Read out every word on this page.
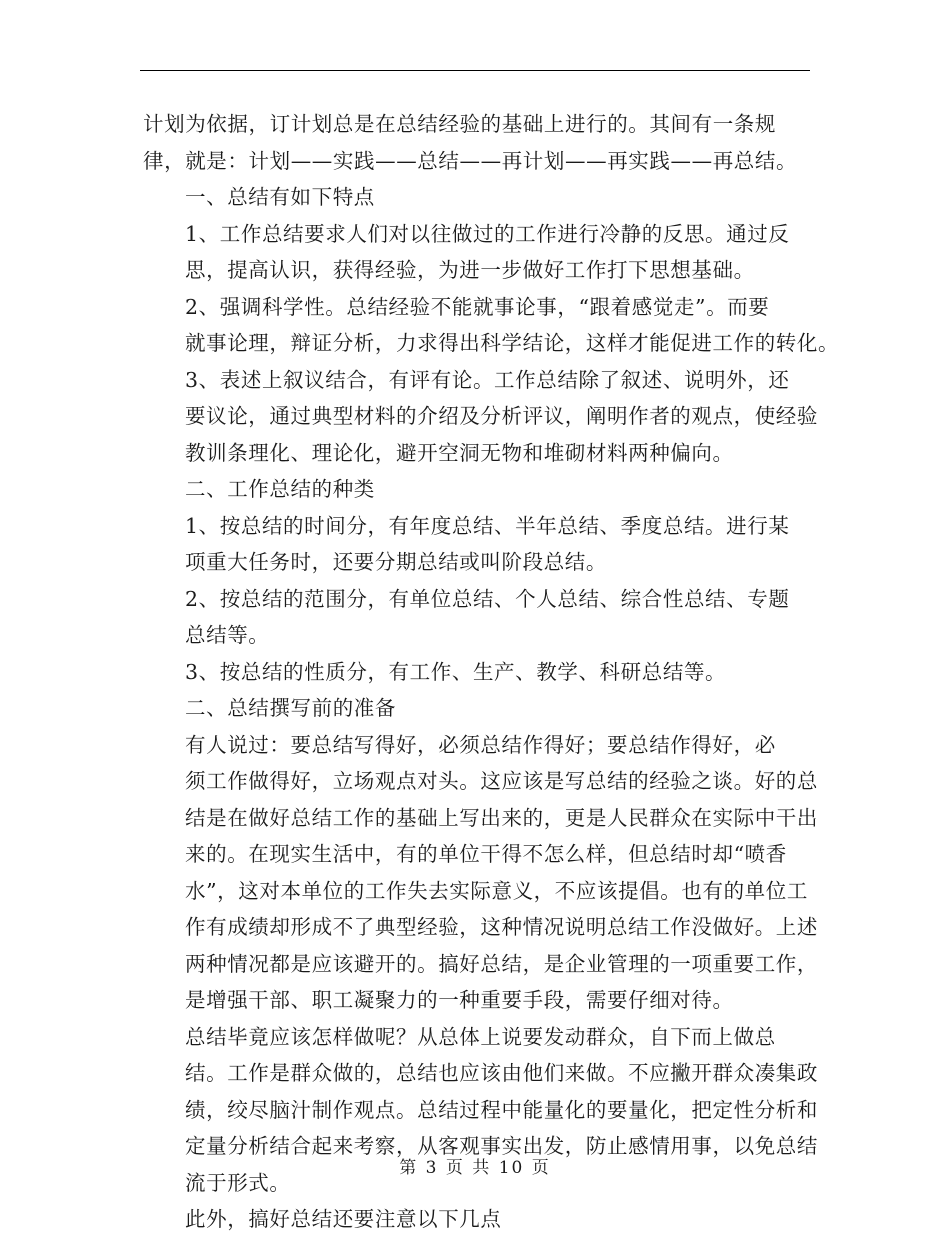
计划为依据，订计划总是在总结经验的基础上进行的。其间有一条规
律，就是：计划——实践——总结——再计划——再实践——再总结。

一、总结有如下特点

1、工作总结要求人们对以往做过的工作进行冷静的反思。通过反
思，提高认识，获得经验，为进一步做好工作打下思想基础。

2、强调科学性。总结经验不能就事论事，“跟着感觉走”。而要
就事论理，辩证分析，力求得出科学结论，这样才能促进工作的转化。

3、表述上叙议结合，有评有论。工作总结除了叙述、说明外，还
要议论，通过典型材料的介绍及分析评议，阐明作者的观点，使经验
教训条理化、理论化，避开空洞无物和堆砌材料两种偏向。

二、工作总结的种类

1、按总结的时间分，有年度总结、半年总结、季度总结。进行某
项重大任务时，还要分期总结或叫阶段总结。

2、按总结的范围分，有单位总结、个人总结、综合性总结、专题
总结等。

3、按总结的性质分，有工作、生产、教学、科研总结等。

二、总结撰写前的准备

有人说过：要总结写得好，必须总结作得好；要总结作得好，必
须工作做得好，立场观点对头。这应该是写总结的经验之谈。好的总
结是在做好总结工作的基础上写出来的，更是人民群众在实际中干出
来的。在现实生活中，有的单位干得不怎么样，但总结时却“喷香
水”，这对本单位的工作失去实际意义，不应该提倡。也有的单位工
作有成绩却形成不了典型经验，这种情况说明总结工作没做好。上述
两种情况都是应该避开的。搞好总结，是企业管理的一项重要工作，
是增强干部、职工凝聚力的一种重要手段，需要仔细对待。

总结毕竟应该怎样做呢？从总体上说要发动群众，自下而上做总
结。工作是群众做的，总结也应该由他们来做。不应撇开群众凑集政
绩，绞尽脑汁制作观点。总结过程中能量化的要量化，把定性分析和
定量分析结合起来考察，从客观事实出发，防止感情用事，以免总结
流于形式。

此外，搞好总结还要注意以下几点

第 3 页 共 10 页
